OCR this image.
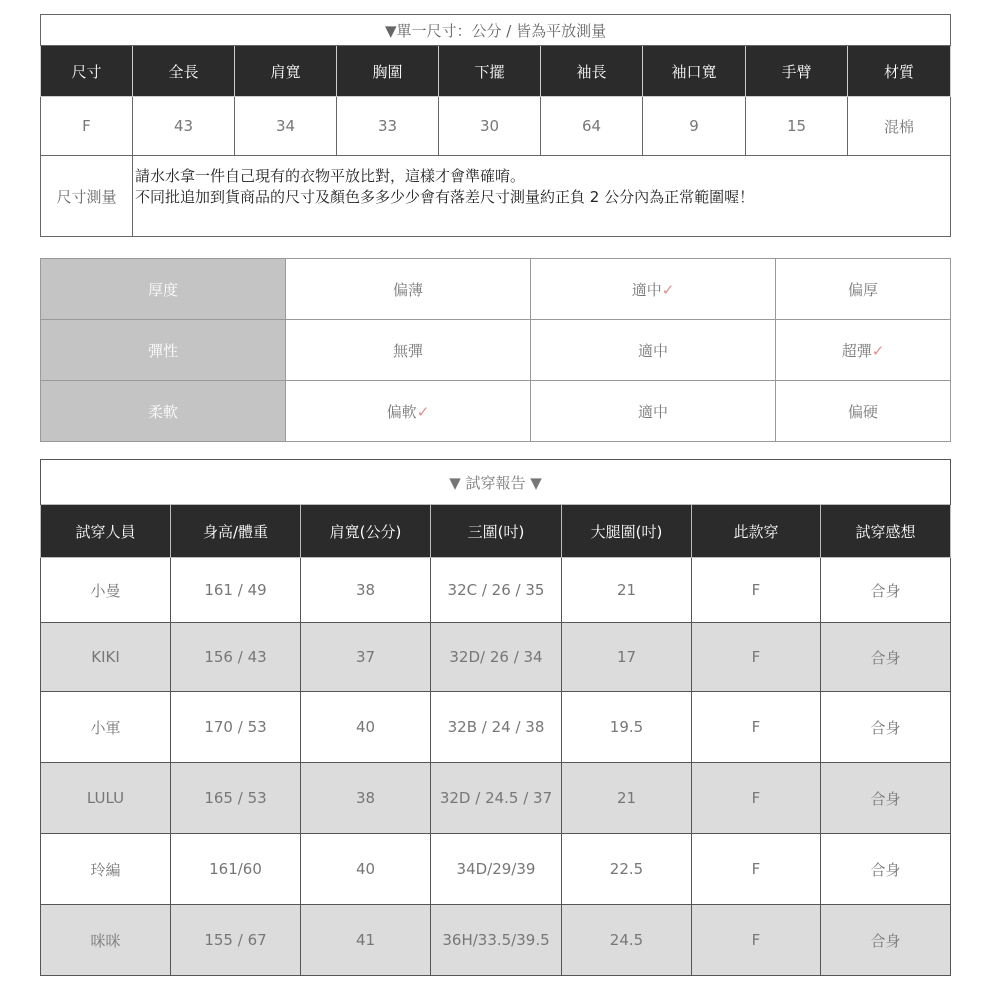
▼單一尺寸：公分 / 皆為平放測量								
尺寸	全長	肩寬	胸圍	下擺	袖長	袖口寬	手臂	材質
F	43	34	33	30	64	9	15	混棉
尺寸測量	請水水拿一件自己現有的衣物平放比對，這樣才會準確唷。
不同批追加到貨商品的尺寸及顏色多多少少會有落差尺寸測量約正負 2 公分內為正常範圍喔！							
厚度	偏薄	適中✓	偏厚
彈性	無彈	適中	超彈✓
柔軟	偏軟✓	適中	偏硬
▼ 試穿報告 ▼						
試穿人員	身高/體重	肩寬(公分)	三圍(吋)	大腿圍(吋)	此款穿	試穿感想
小曼	161 / 49	38	32C / 26 / 35	21	F	合身
KIKI	156 / 43	37	32D/ 26 / 34	17	F	合身
小軍	170 / 53	40	32B / 24 / 38	19.5	F	合身
LULU	165 / 53	38	32D / 24.5 / 37	21	F	合身
玲編	161/60	40	34D/29/39	22.5	F	合身
咪咪	155 / 67	41	36H/33.5/39.5	24.5	F	合身
